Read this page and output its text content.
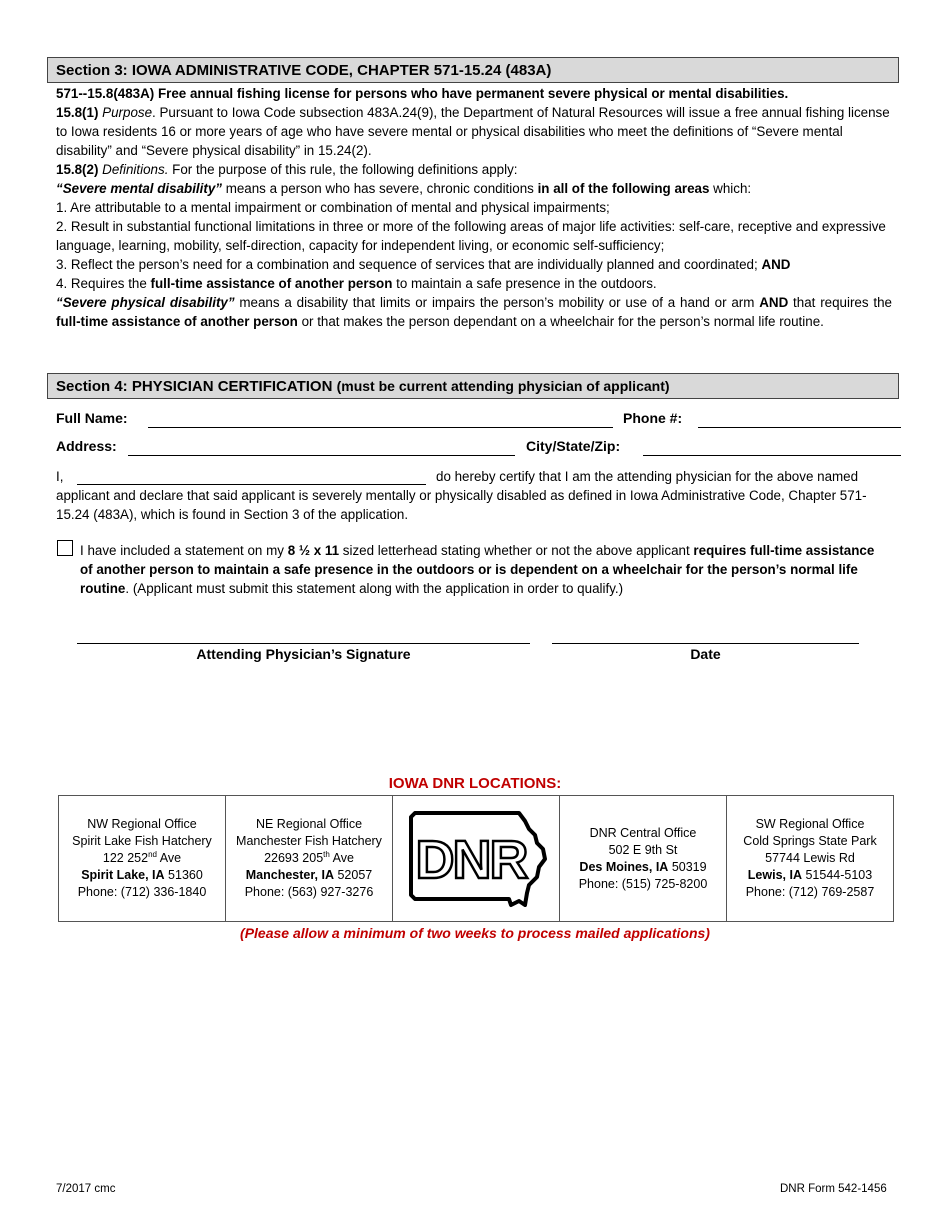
Section 3: IOWA ADMINISTRATIVE CODE, CHAPTER 571-15.24 (483A)

571--15.8(483A) Free annual fishing license for persons who have permanent severe physical or mental disabilities.

15.8(1) Purpose. Pursuant to Iowa Code subsection 483A.24(9), the Department of Natural Resources will issue a free annual fishing license to Iowa residents 16 or more years of age who have severe mental or physical disabilities who meet the definitions of “Severe mental disability” and “Severe physical disability” in 15.24(2).

15.8(2) Definitions. For the purpose of this rule, the following definitions apply:

“Severe mental disability” means a person who has severe, chronic conditions in all of the following areas which:

1. Are attributable to a mental impairment or combination of mental and physical impairments;

2. Result in substantial functional limitations in three or more of the following areas of major life activities: self-care, receptive and expressive language, learning, mobility, self-direction, capacity for independent living, or economic self-sufficiency;

3. Reflect the person’s need for a combination and sequence of services that are individually planned and coordinated; AND

4. Requires the full-time assistance of another person to maintain a safe presence in the outdoors.

“Severe physical disability” means a disability that limits or impairs the person’s mobility or use of a hand or arm AND that requires the full-time assistance of another person or that makes the person dependant on a wheelchair for the person’s normal life routine.

Section 4: PHYSICIAN CERTIFICATION (must be current attending physician of applicant)
Full Name:	Phone #:
Address:	City/State/Zip:
I,	do hereby certify that I am the attending physician for the above named
applicant and declare that said applicant is severely mentally or physically disabled as defined in Iowa Administrative Code, Chapter 571-15.24 (483A), which is found in Section 3 of the application.
I have included a statement on my 8 ½ x 11 sized letterhead stating whether or not the above applicant requires full-time assistance of another person to maintain a safe presence in the outdoors or is dependent on a wheelchair for the person’s normal life routine. (Applicant must submit this statement along with the application in order to qualify.)
Attending Physician’s Signature	Date
IOWA DNR LOCATIONS:
NW Regional Office
Spirit Lake Fish Hatchery
122 252nd Ave
Spirit Lake, IA 51360
Phone: (712) 336-1840
NE Regional Office
Manchester Fish Hatchery
22693 205th Ave
Manchester, IA 52057
Phone: (563) 927-3276
DNR	DNR Central Office
502 E 9th St
Des Moines, IA 50319
Phone: (515) 725-8200
SW Regional Office
Cold Springs State Park
57744 Lewis Rd
Lewis, IA 51544-5103
Phone: (712) 769-2587
(Please allow a minimum of two weeks to process mailed applications)
7/2017 cmc	DNR Form 542-1456
